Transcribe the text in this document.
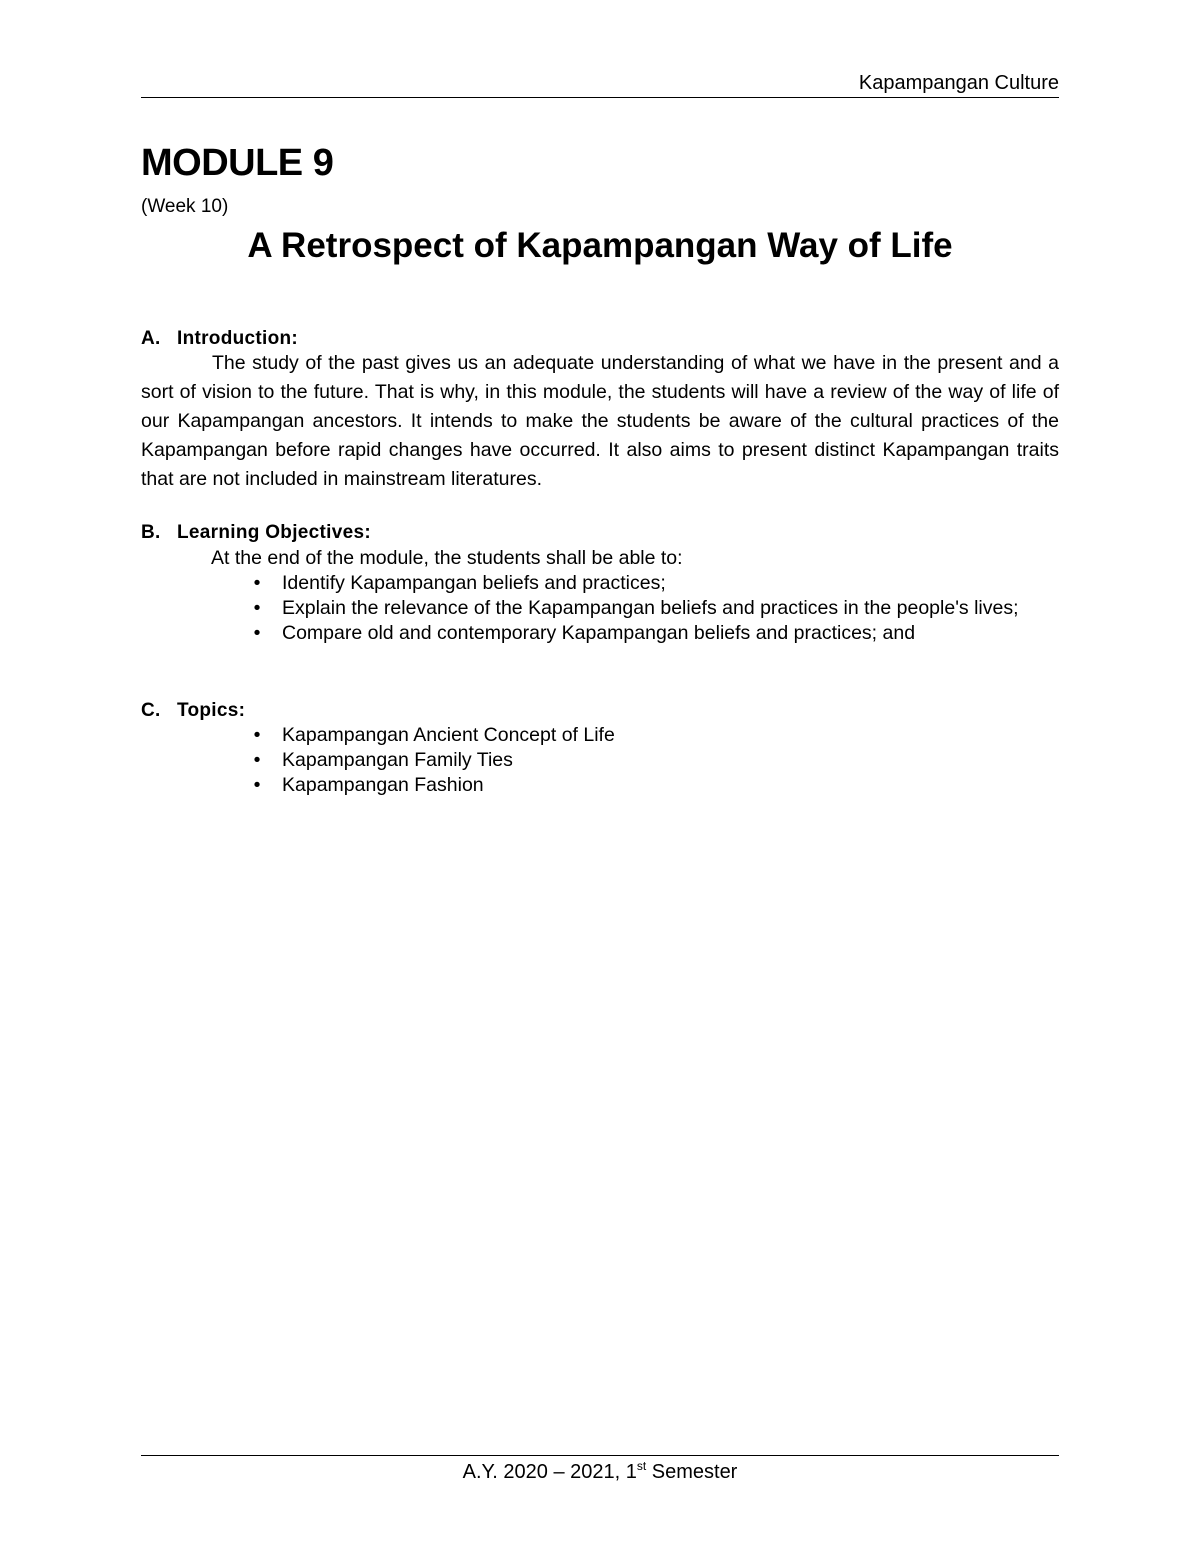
Kapampangan Culture
MODULE 9
(Week 10)
A Retrospect of Kapampangan Way of Life
A. Introduction:

The study of the past gives us an adequate understanding of what we have in the present and a sort of vision to the future. That is why, in this module, the students will have a review of the way of life of our Kapampangan ancestors. It intends to make the students be aware of the cultural practices of the Kapampangan before rapid changes have occurred. It also aims to present distinct Kapampangan traits that are not included in mainstream literatures.

B. Learning Objectives:
At the end of the module, the students shall be able to:
•	Identify Kapampangan beliefs and practices;
•	Explain the relevance of the Kapampangan beliefs and practices in the people's lives;
•	Compare old and contemporary Kapampangan beliefs and practices; and
C. Topics:
•	Kapampangan Ancient Concept of Life
•	Kapampangan Family Ties
•	Kapampangan Fashion
A.Y. 2020 – 2021, 1st Semester
